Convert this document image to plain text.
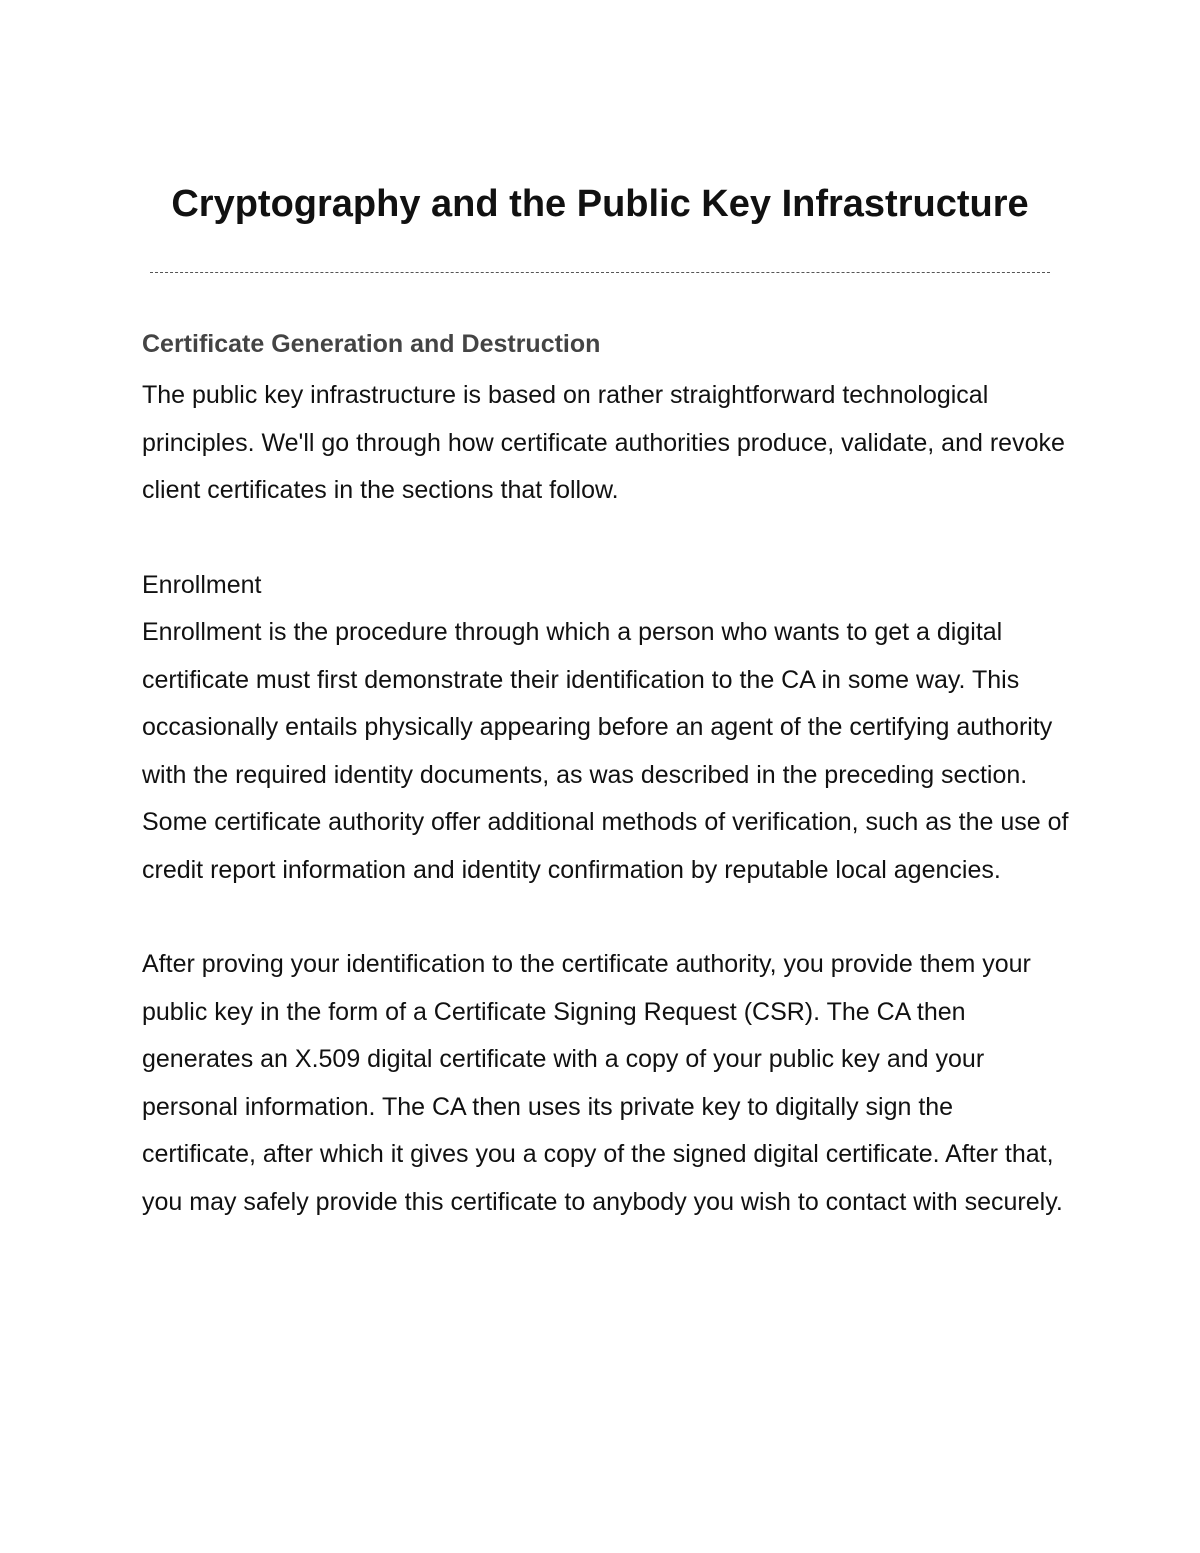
Cryptography and the Public Key Infrastructure
Certificate Generation and Destruction

The public key infrastructure is based on rather straightforward technological principles. We'll go through how certificate authorities produce, validate, and revoke client certificates in the sections that follow.

Enrollment

Enrollment is the procedure through which a person who wants to get a digital certificate must first demonstrate their identification to the CA in some way. This occasionally entails physically appearing before an agent of the certifying authority with the required identity documents, as was described in the preceding section. Some certificate authority offer additional methods of verification, such as the use of credit report information and identity confirmation by reputable local agencies.

After proving your identification to the certificate authority, you provide them your public key in the form of a Certificate Signing Request (CSR). The CA then generates an X.509 digital certificate with a copy of your public key and your personal information. The CA then uses its private key to digitally sign the certificate, after which it gives you a copy of the signed digital certificate. After that, you may safely provide this certificate to anybody you wish to contact with securely.
